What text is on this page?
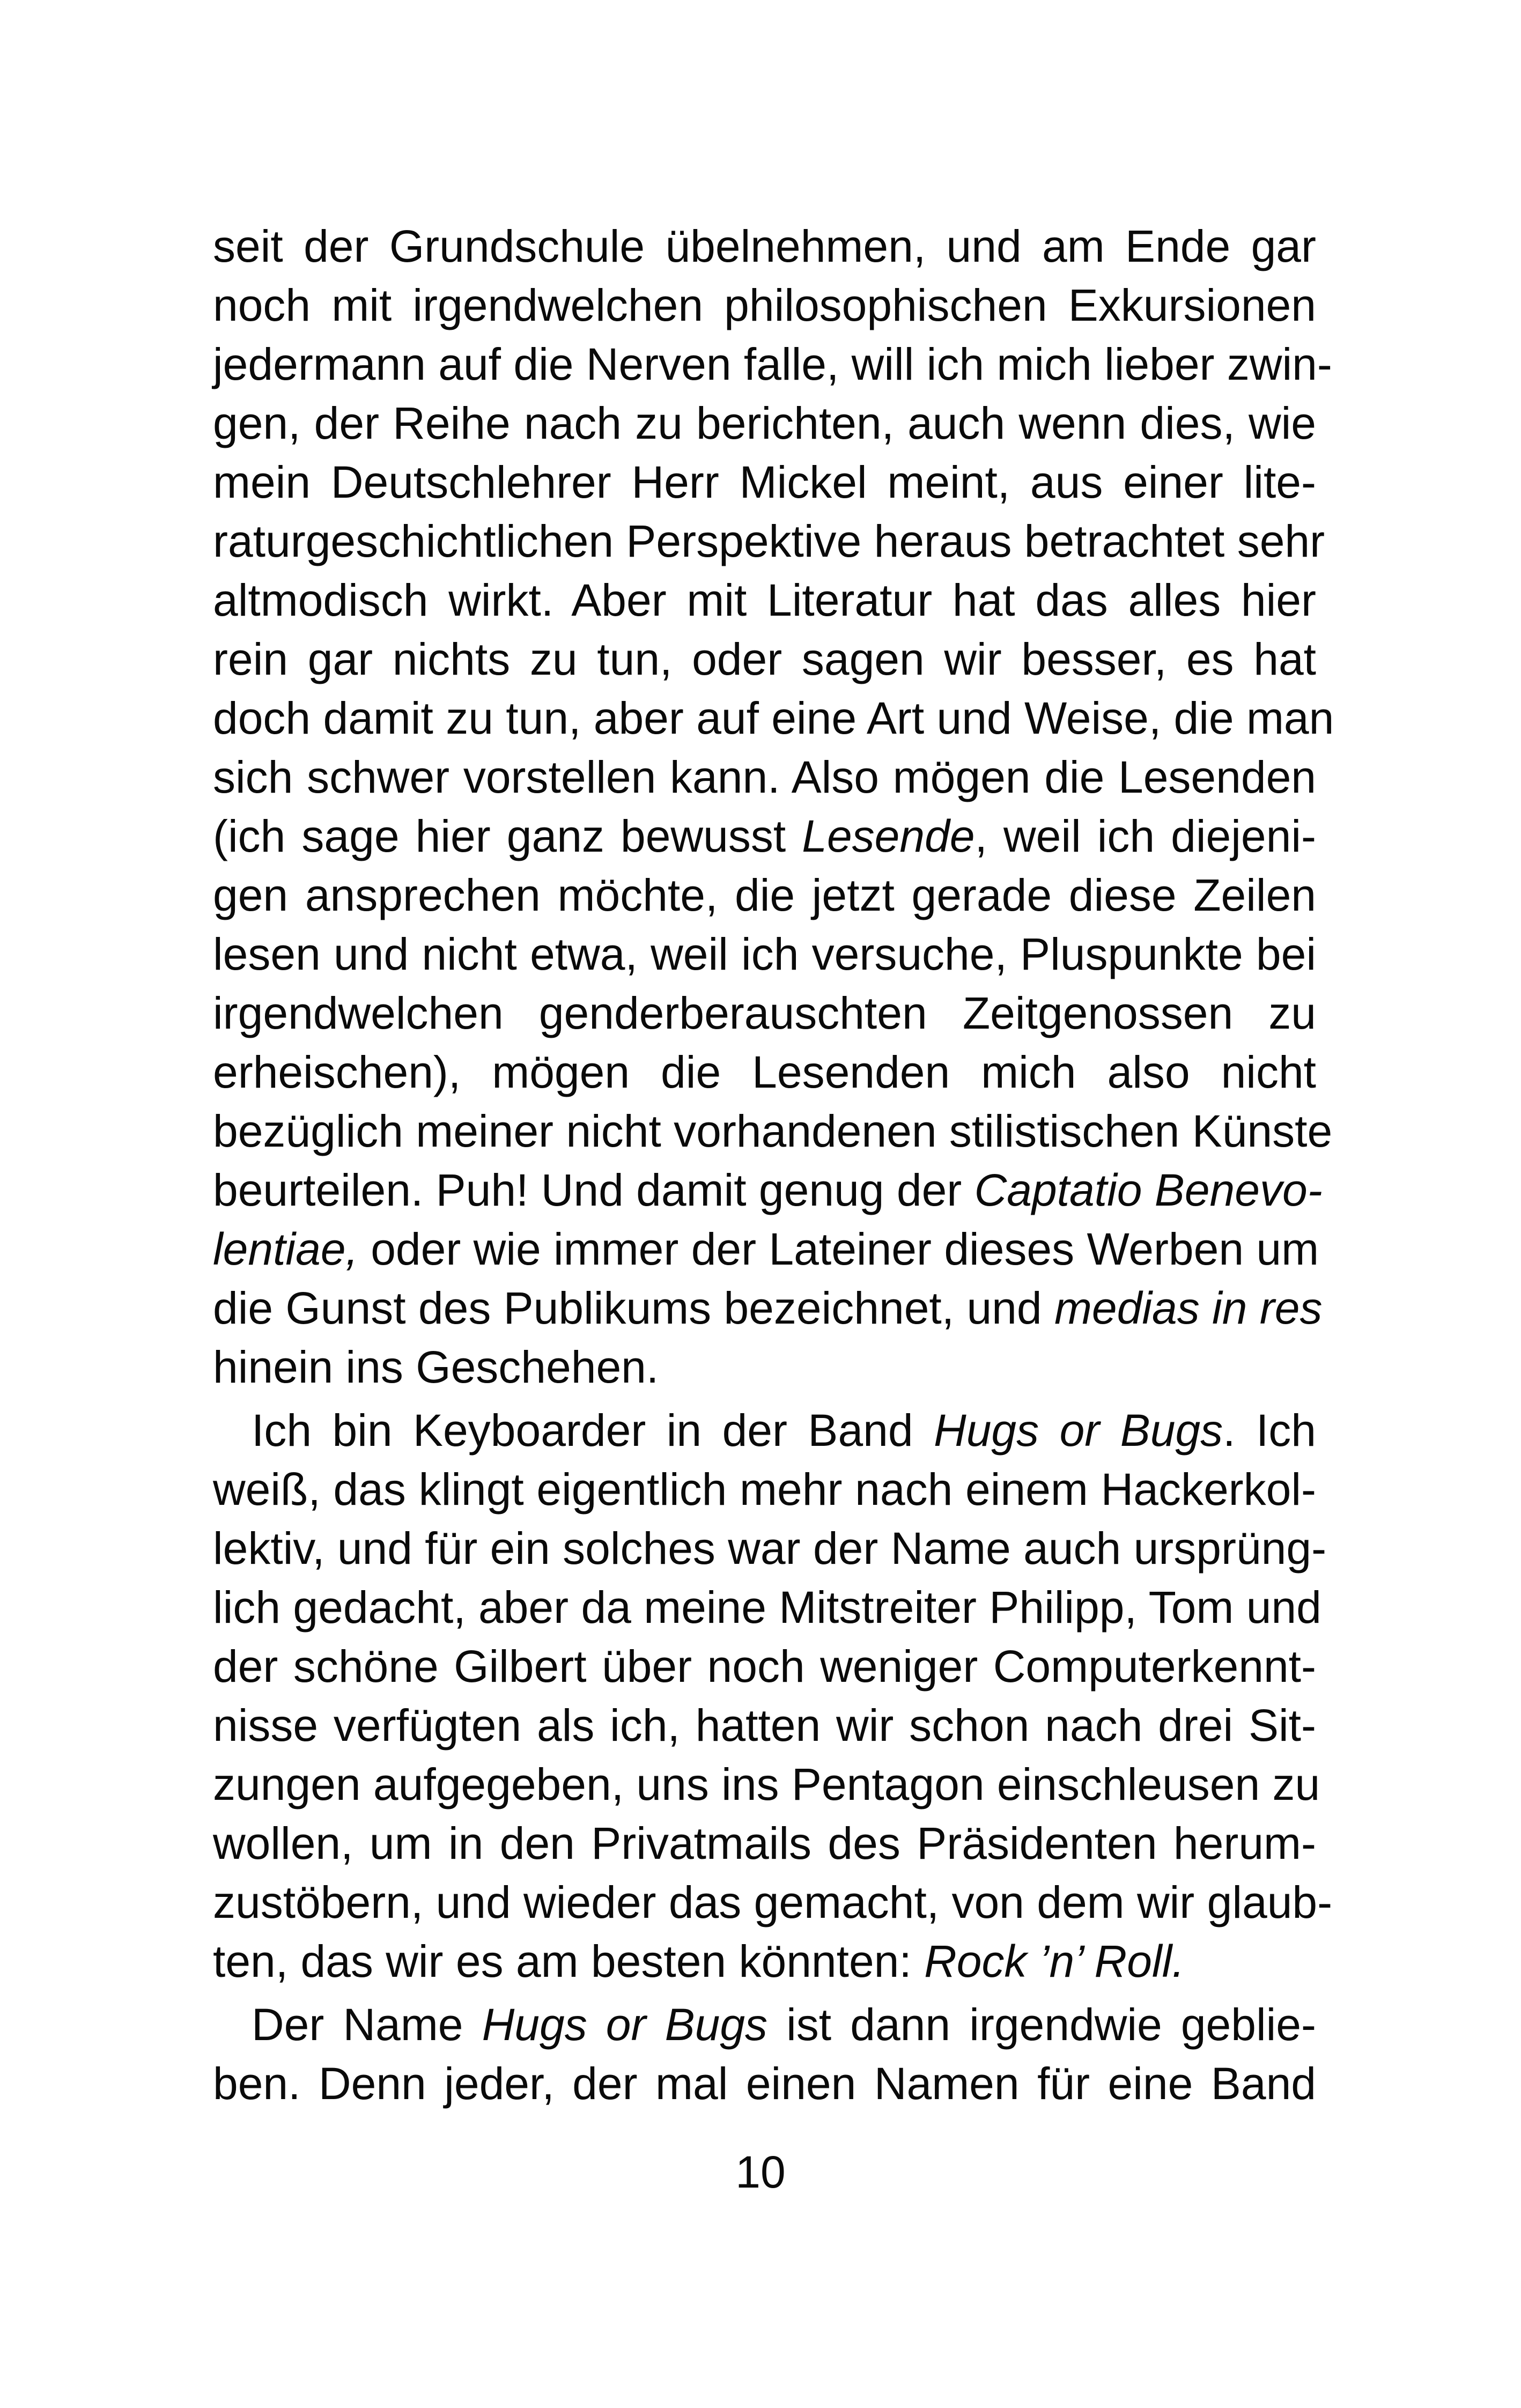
seit der Grundschule übelnehmen, und am Ende gar
noch mit irgendwelchen philosophischen Exkursionen
jedermann auf die Nerven falle, will ich mich lieber zwin-
gen, der Reihe nach zu berichten, auch wenn dies, wie
mein Deutschlehrer Herr Mickel meint, aus einer lite-
raturgeschichtlichen Perspektive heraus betrachtet sehr
altmodisch wirkt. Aber mit Literatur hat das alles hier
rein gar nichts zu tun, oder sagen wir besser, es hat
doch damit zu tun, aber auf eine Art und Weise, die man
sich schwer vorstellen kann. Also mögen die Lesenden
(ich sage hier ganz bewusst Lesende, weil ich diejeni-
gen ansprechen möchte, die jetzt gerade diese Zeilen
lesen und nicht etwa, weil ich versuche, Pluspunkte bei
irgendwelchen genderberauschten Zeitgenossen zu
erheischen), mögen die Lesenden mich also nicht
bezüglich meiner nicht vorhandenen stilistischen Künste
beurteilen. Puh! Und damit genug der Captatio Benevo-
lentiae, oder wie immer der Lateiner dieses Werben um
die Gunst des Publikums bezeichnet, und medias in res
hinein ins Geschehen.
Ich bin Keyboarder in der Band Hugs or Bugs. Ich
weiß, das klingt eigentlich mehr nach einem Hackerkol-
lektiv, und für ein solches war der Name auch ursprüng-
lich gedacht, aber da meine Mitstreiter Philipp, Tom und
der schöne Gilbert über noch weniger Computerkennt-
nisse verfügten als ich, hatten wir schon nach drei Sit-
zungen aufgegeben, uns ins Pentagon einschleusen zu
wollen, um in den Privatmails des Präsidenten herum-
zustöbern, und wieder das gemacht, von dem wir glaub-
ten, das wir es am besten könnten: Rock ’n’ Roll.
Der Name Hugs or Bugs ist dann irgendwie geblie-
ben. Denn jeder, der mal einen Namen für eine Band
10
